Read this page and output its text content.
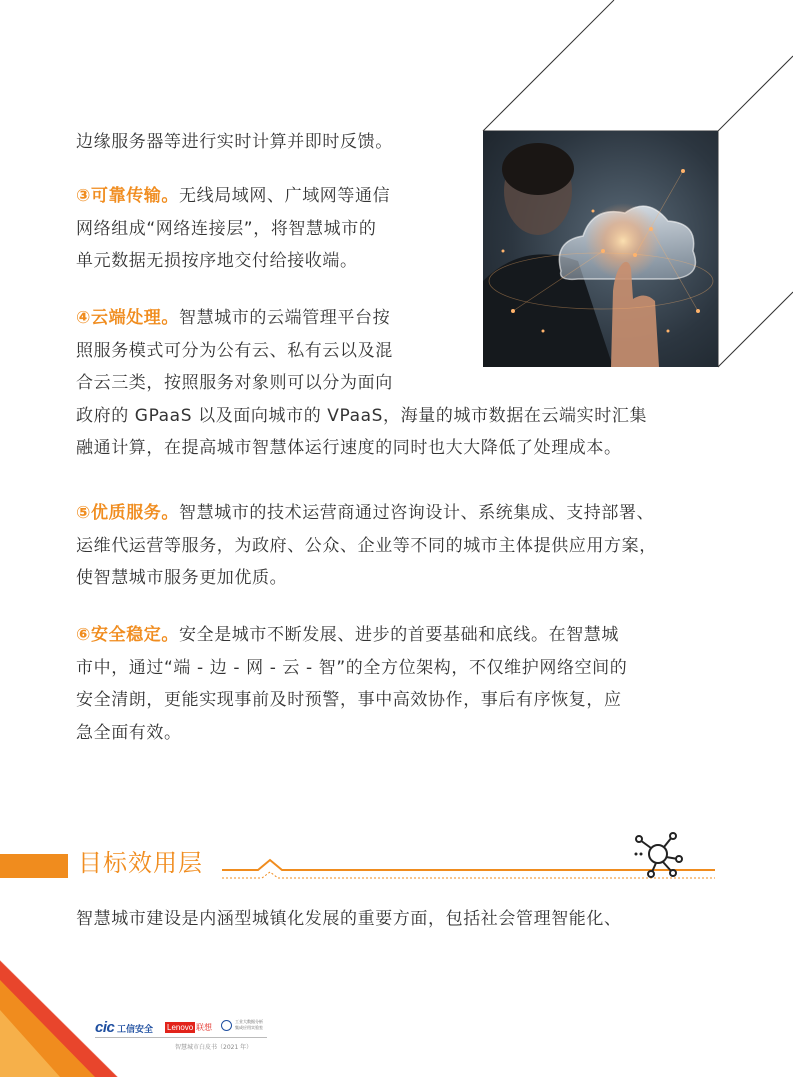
边缘服务器等进行实时计算并即时反馈。

③可靠传输。无线局域网、广域网等通信
网络组成“网络连接层”，将智慧城市的
单元数据无损按序地交付给接收端。

④云端处理。智慧城市的云端管理平台按
照服务模式可分为公有云、私有云以及混
合云三类，按照服务对象则可以分为面向
政府的 GPaaS 以及面向城市的 VPaaS，海量的城市数据在云端实时汇集
融通计算，在提高城市智慧体运行速度的同时也大大降低了处理成本。

⑤优质服务。智慧城市的技术运营商通过咨询设计、系统集成、支持部署、
运维代运营等服务，为政府、公众、企业等不同的城市主体提供应用方案，
使智慧城市服务更加优质。

⑥安全稳定。安全是城市不断发展、进步的首要基础和底线。在智慧城
市中，通过“端 - 边 - 网 - 云 - 智”的全方位架构，不仅维护网络空间的
安全清朗，更能实现事前及时预警，事中高效协作，事后有序恢复，应
急全面有效。

目标效用层

智慧城市建设是内涵型城镇化发展的重要方面，包括社会管理智能化、

29
cic 工信安全 Lenovo 联想
工业大数据分析
集成应用实验室
智慧城市白皮书（2021 年）
